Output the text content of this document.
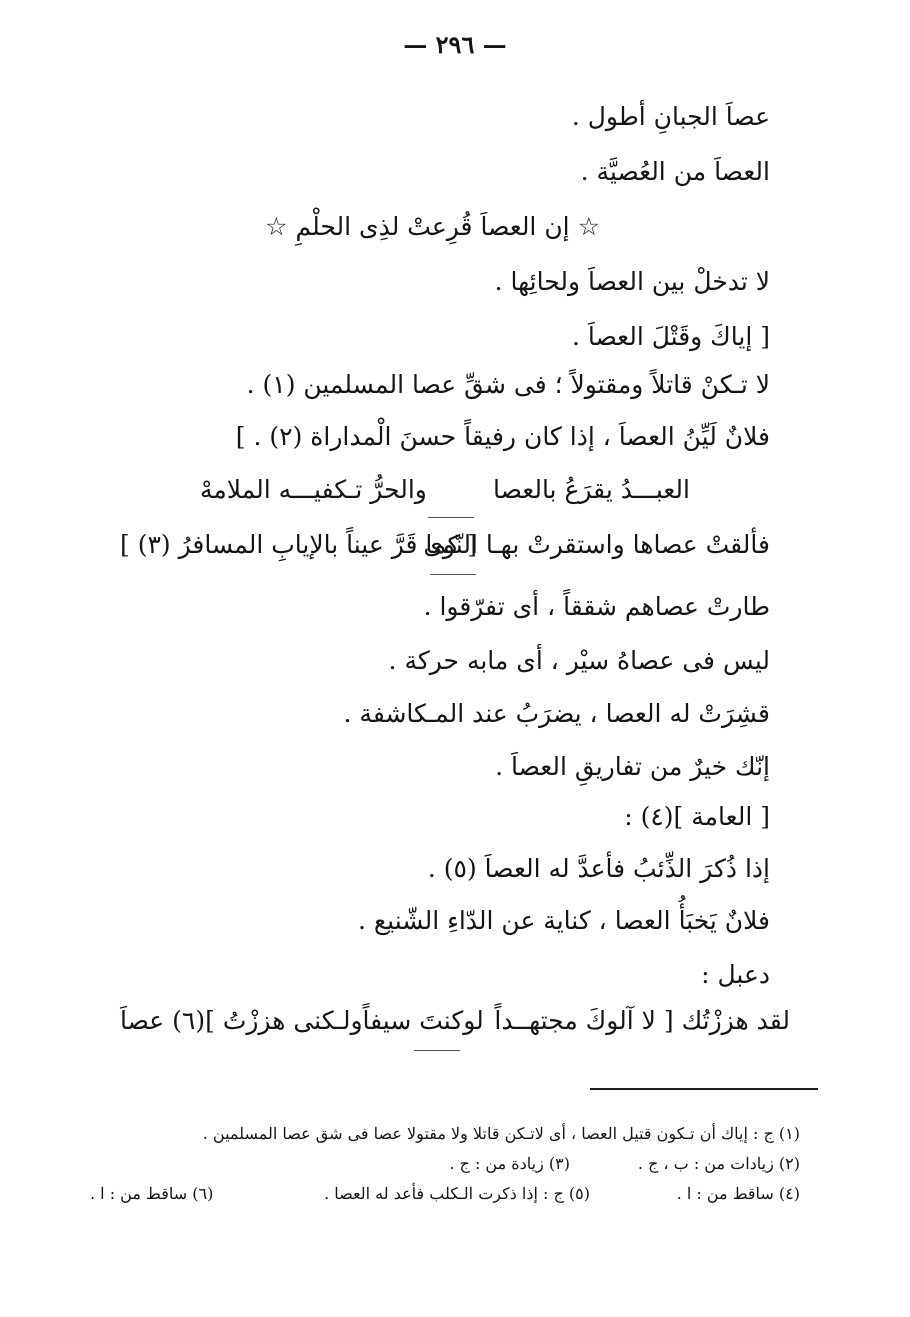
— ٢٩٦ —
عصاَ الجبانِ أطول .
العصاَ من العُصيَّة .
☆ إن العصاَ قُرِعتْ لذِى الحلْمِ ☆
لا تدخلْ بين العصاَ ولحائِها .
[ إياكَ وقَتْلَ العصاَ .
لا تـكنْ قاتلاً ومقتولاً ؛ فى شقِّ عصا المسلمين (١) .
فلانٌ لَيِّنُ العصاَ ، إذا كان رفيقاً حسنَ الْمداراة (٢) . ]
العبـــدُ يقرَعُ بالعصا
والحرُّ تـكفيـــه الملامهْ
فألقتْ عصاها واستقرتْ بهـا النّوى
[ كما قَرَّ عيناً بالإيابِ المسافرُ (٣) ]
طارتْ عصاهم شققاً ، أى تفرّقوا .
ليس فى عصاهُ سيْر ، أى مابه حركة .
قشِرَتْ له العصا ، يضرَبُ عند المـكاشفة .
إنّك خيرٌ من تفاريقِ العصاَ .
[ العامة ](٤) :
إذا ذُكرَ الذِّئبُ فأعدَّ له العصاَ (٥) .
فلانٌ يَخبَأُ العصا ، كناية عن الدّاءِ الشّنيع .
دعبل :
لقد هززْتُك [ لا آلوكَ مجتهــداً
لوكنتَ سيفاًولـكنى هززْتُ ](٦) عصاَ
(١) ج : إياك أن تـكون قتيل العصا ، أى لاتـكن قاتلا ولا مقتولا عصا فى شق عصا المسلمين .
(٢) زيادات من : ب ، ج .
(٣) زيادة من : ج .
(٤) ساقط من : ا .
(٥) ج : إذا ذكرت الـكلب فأعد له العصا .
(٦) ساقط من : ا .
